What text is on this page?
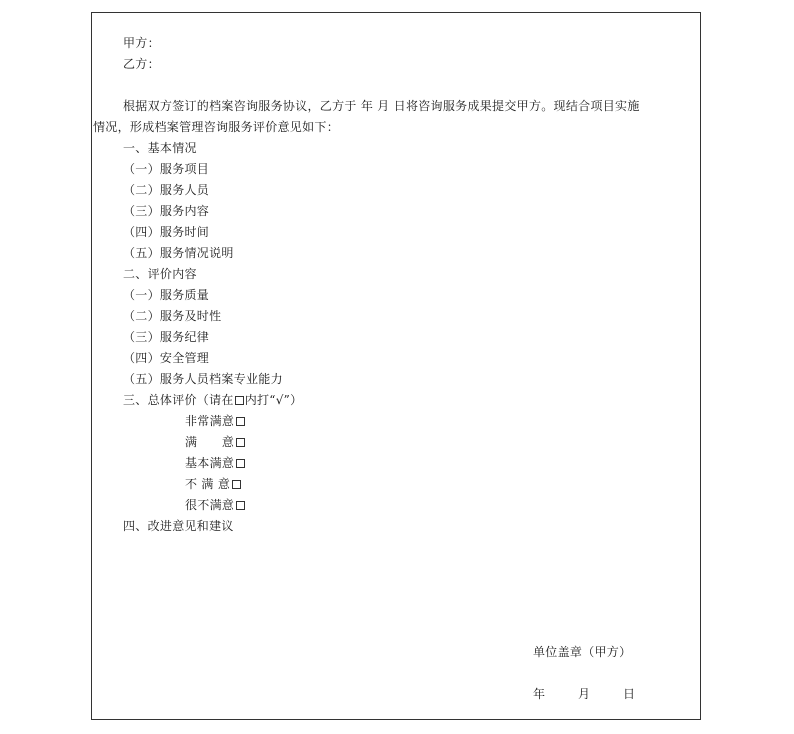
甲方：
乙方：
根据双方签订的档案咨询服务协议，乙方于 年 月 日将咨询服务成果提交甲方。现结合项目实施
情况，形成档案管理咨询服务评价意见如下：
一、基本情况
（一）服务项目
（二）服务人员
（三）服务内容
（四）服务时间
（五）服务情况说明
二、评价内容
（一）服务质量
（二）服务及时性
（三）服务纪律
（四）安全管理
（五）服务人员档案专业能力
三、总体评价（请在 内打“√”）
非常满意
满　　意
基本满意
不 满 意
很不满意
四、改进意见和建议
单位盖章（甲方）
年　　月　　日
